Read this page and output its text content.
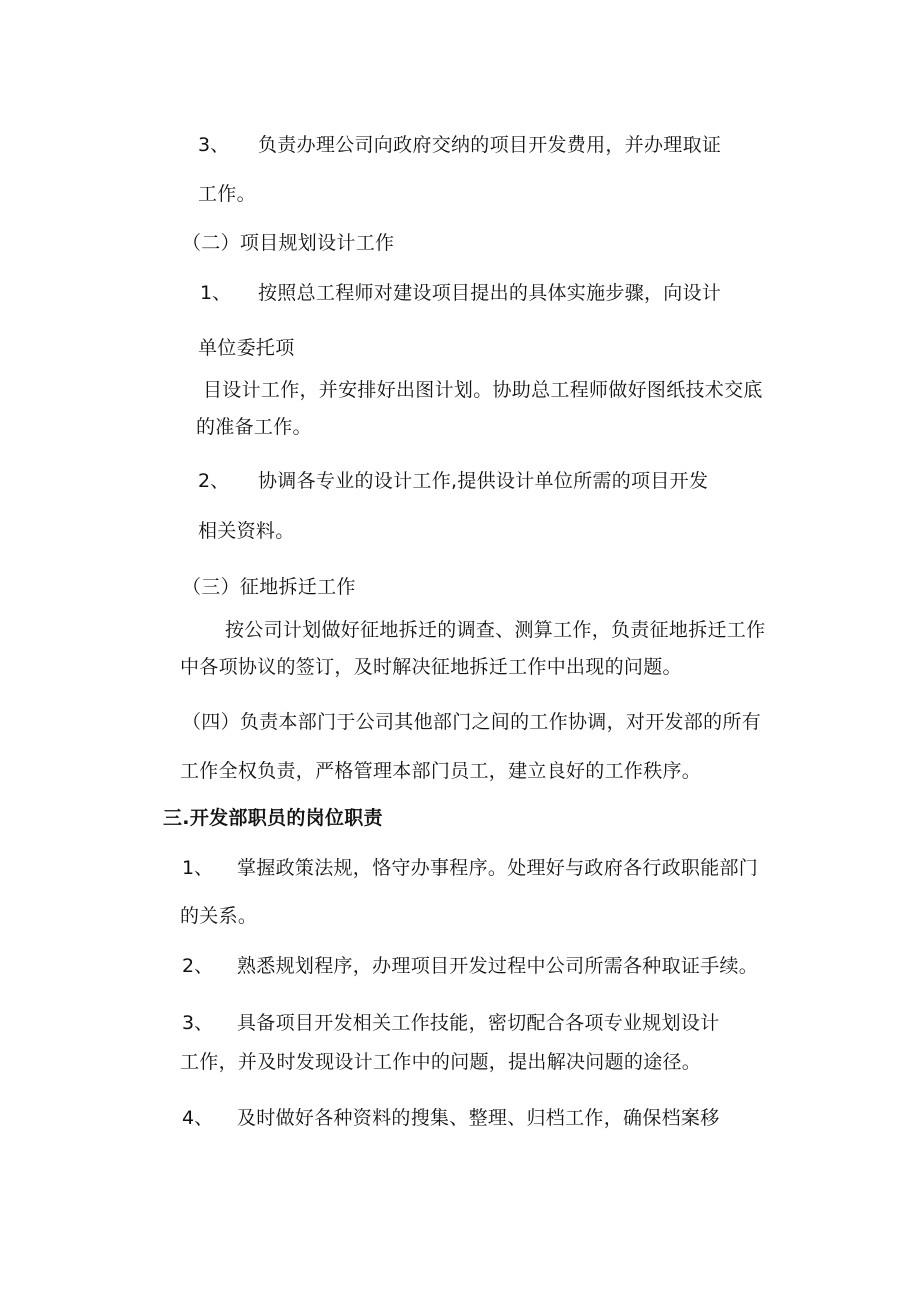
3、 负责办理公司向政府交纳的项目开发费用，并办理取证
工作。
（二）项目规划设计工作
1、 按照总工程师对建设项目提出的具体实施步骤，向设计
单位委托项
目设计工作，并安排好出图计划。协助总工程师做好图纸技术交底
的准备工作。
2、 协调各专业的设计工作,提供设计单位所需的项目开发
相关资料。
（三）征地拆迁工作
按公司计划做好征地拆迁的调查、测算工作，负责征地拆迁工作
中各项协议的签订，及时解决征地拆迁工作中出现的问题。
（四）负责本部门于公司其他部门之间的工作协调，对开发部的所有
工作全权负责，严格管理本部门员工，建立良好的工作秩序。
三.开发部职员的岗位职责
1、 掌握政策法规，恪守办事程序。处理好与政府各行政职能部门
的关系。
2、 熟悉规划程序，办理项目开发过程中公司所需各种取证手续。
3、 具备项目开发相关工作技能，密切配合各项专业规划设计
工作，并及时发现设计工作中的问题，提出解决问题的途径。
4、 及时做好各种资料的搜集、整理、归档工作，确保档案移
